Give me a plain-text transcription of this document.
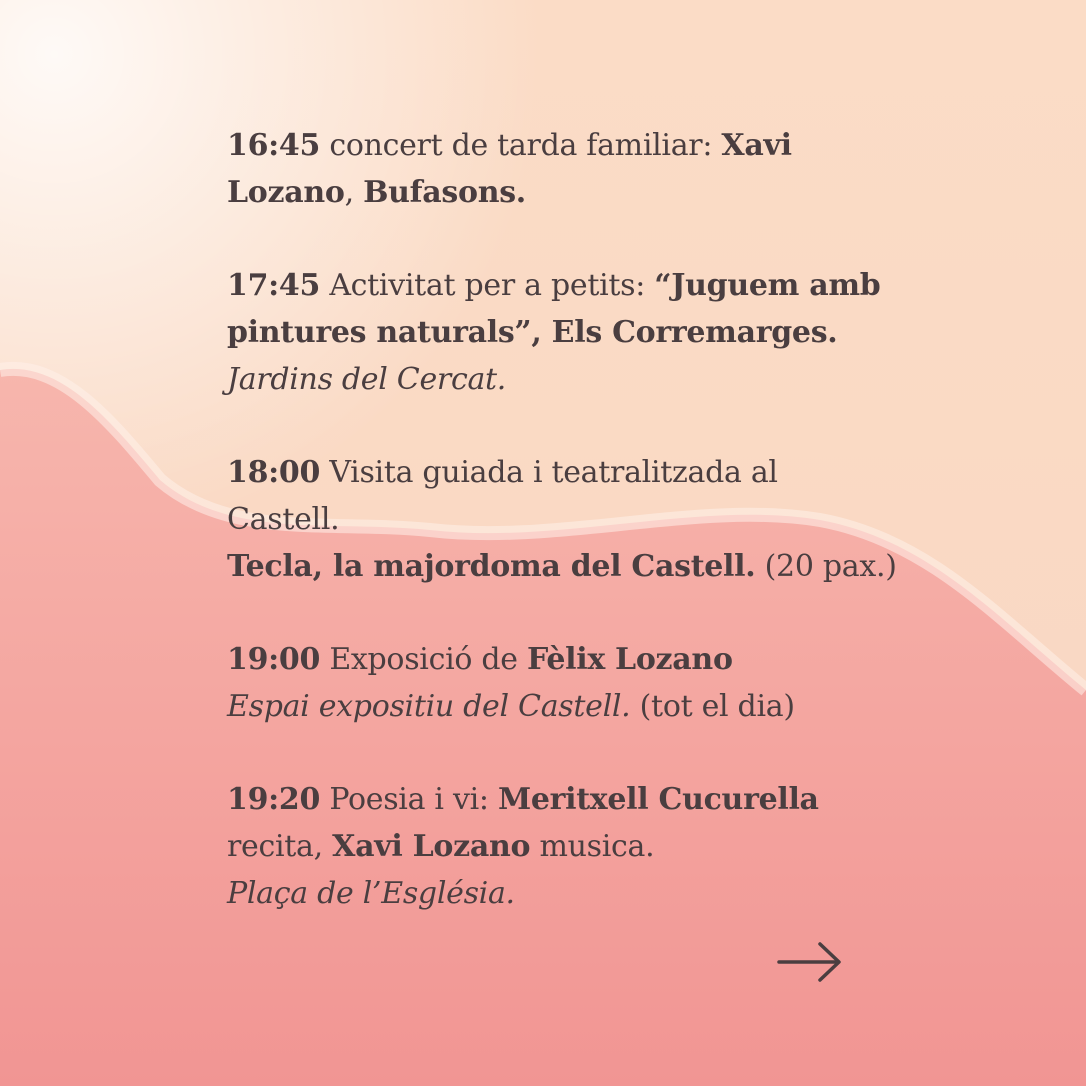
16:45 concert de tarda familiar: Xavi

Lozano, Bufasons.

17:45 Activitat per a petits: “Juguem amb

pintures naturals”, Els Corremarges.

Jardins del Cercat.

18:00 Visita guiada i teatralitzada al

Castell.

Tecla, la majordoma del Castell. (20 pax.)

19:00 Exposició de Fèlix Lozano

Espai expositiu del Castell. (tot el dia)

19:20 Poesia i vi: Meritxell Cucurella

recita, Xavi Lozano musica.

Plaça de l’Església.
